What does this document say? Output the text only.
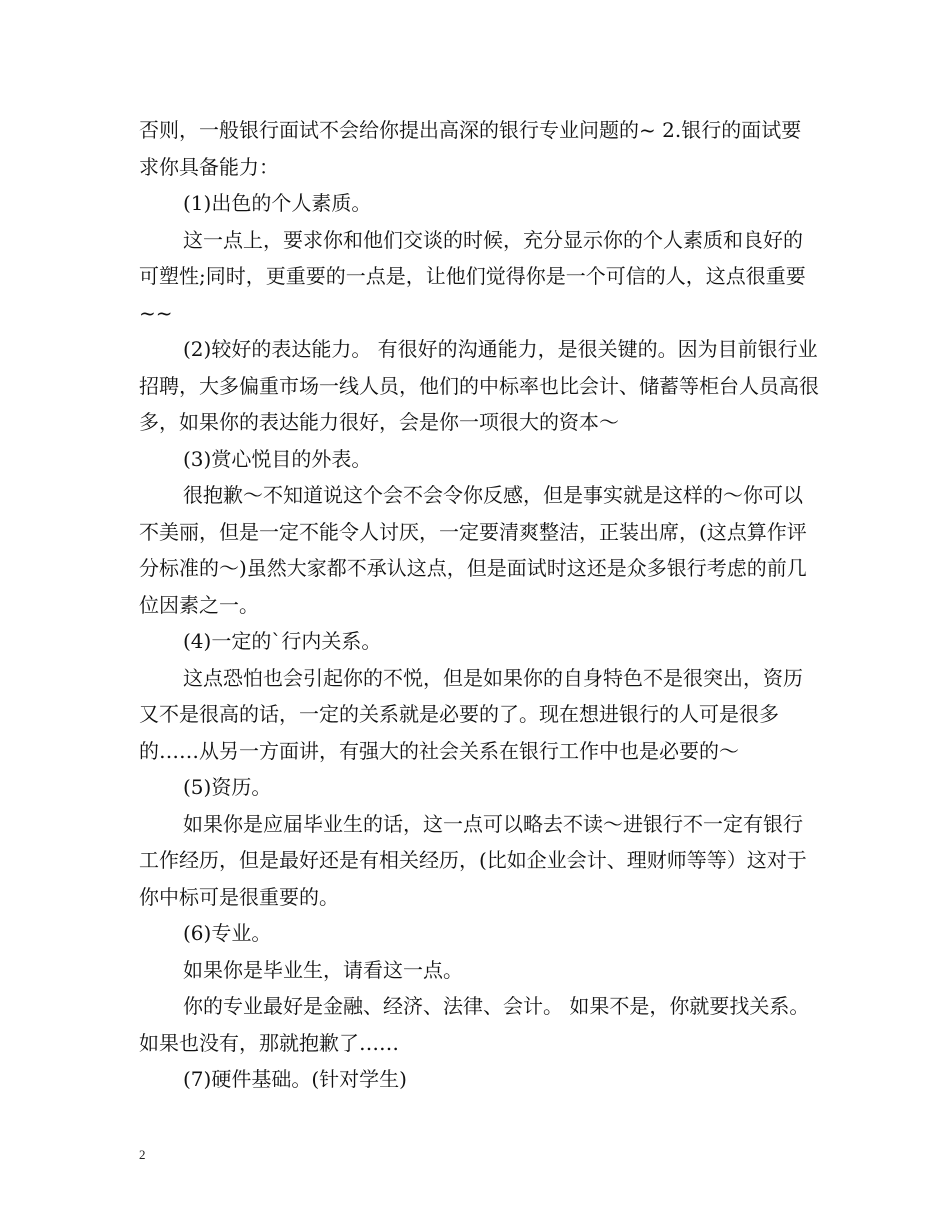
否则，一般银行面试不会给你提出高深的银行专业问题的~ 2.银行的面试要求你具备能力：

(1)出色的个人素质。

这一点上，要求你和他们交谈的时候，充分显示你的个人素质和良好的可塑性;同时，更重要的一点是，让他们觉得你是一个可信的人，这点很重要~~

(2)较好的表达能力。 有很好的沟通能力，是很关键的。因为目前银行业招聘，大多偏重市场一线人员，他们的中标率也比会计、储蓄等柜台人员高很多，如果你的表达能力很好，会是你一项很大的资本～

(3)赏心悦目的外表。

很抱歉～不知道说这个会不会令你反感，但是事实就是这样的～你可以不美丽，但是一定不能令人讨厌，一定要清爽整洁，正装出席，(这点算作评分标准的～)虽然大家都不承认这点，但是面试时这还是众多银行考虑的前几位因素之一。

(4)一定的`行内关系。

这点恐怕也会引起你的不悦，但是如果你的自身特色不是很突出，资历又不是很高的话，一定的关系就是必要的了。现在想进银行的人可是很多的……从另一方面讲，有强大的社会关系在银行工作中也是必要的～

(5)资历。

如果你是应届毕业生的话，这一点可以略去不读～进银行不一定有银行工作经历，但是最好还是有相关经历，(比如企业会计、理财师等等）这对于你中标可是很重要的。

(6)专业。

如果你是毕业生，请看这一点。

你的专业最好是金融、经济、法律、会计。 如果不是，你就要找关系。 如果也没有，那就抱歉了……

(7)硬件基础。(针对学生)

2
